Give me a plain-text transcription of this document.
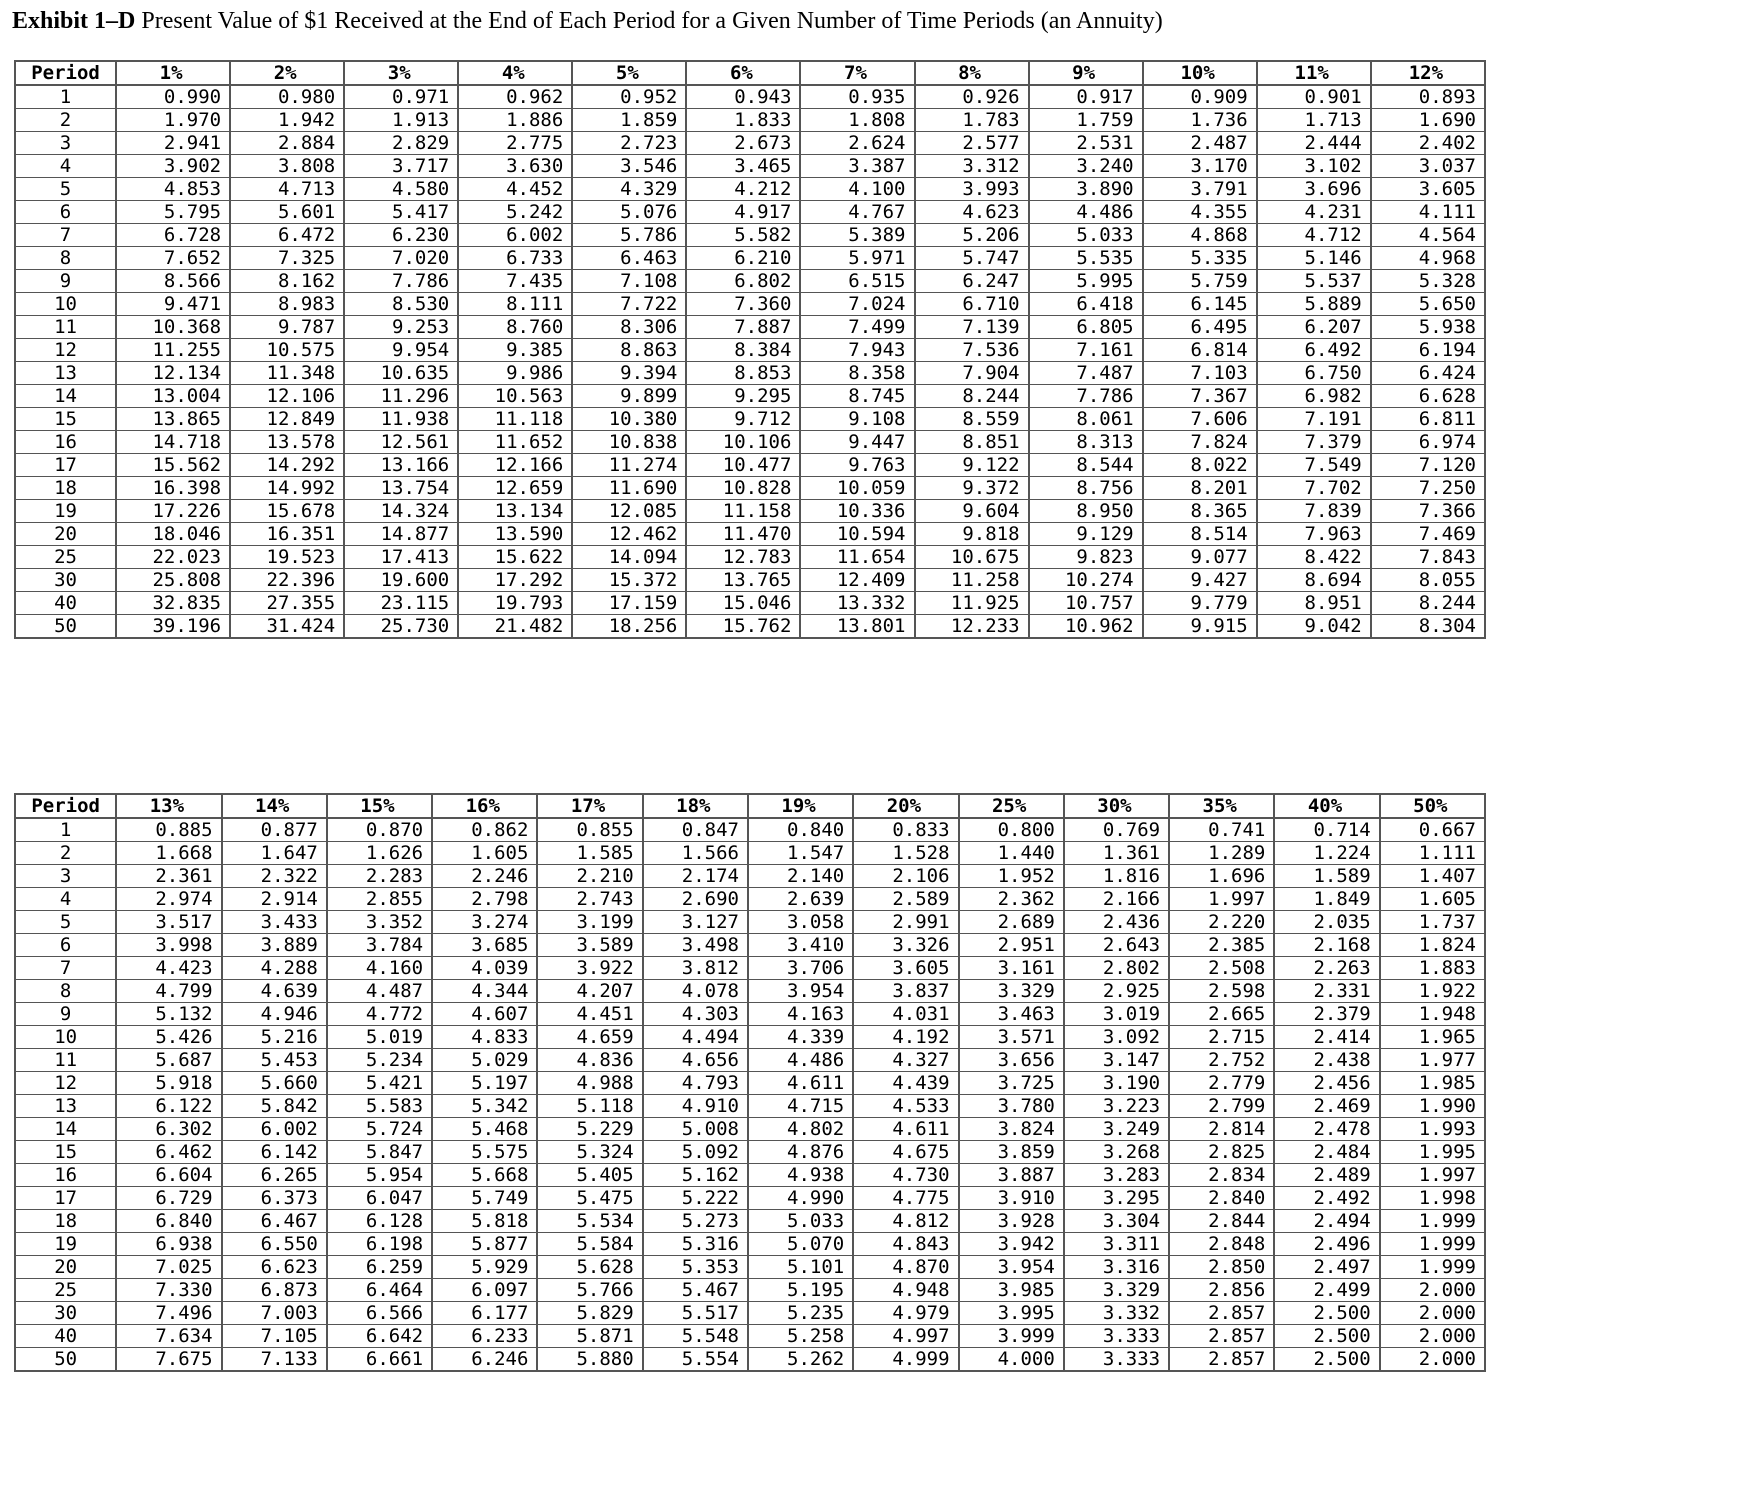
Exhibit 1–D Present Value of $1 Received at the End of Each Period for a Given Number of Time Periods (an Annuity)
Period	1%	2%	3%	4%	5%	6%	7%	8%	9%	10%	11%	12%
1	0.990	0.980	0.971	0.962	0.952	0.943	0.935	0.926	0.917	0.909	0.901	0.893
2	1.970	1.942	1.913	1.886	1.859	1.833	1.808	1.783	1.759	1.736	1.713	1.690
3	2.941	2.884	2.829	2.775	2.723	2.673	2.624	2.577	2.531	2.487	2.444	2.402
4	3.902	3.808	3.717	3.630	3.546	3.465	3.387	3.312	3.240	3.170	3.102	3.037
5	4.853	4.713	4.580	4.452	4.329	4.212	4.100	3.993	3.890	3.791	3.696	3.605
6	5.795	5.601	5.417	5.242	5.076	4.917	4.767	4.623	4.486	4.355	4.231	4.111
7	6.728	6.472	6.230	6.002	5.786	5.582	5.389	5.206	5.033	4.868	4.712	4.564
8	7.652	7.325	7.020	6.733	6.463	6.210	5.971	5.747	5.535	5.335	5.146	4.968
9	8.566	8.162	7.786	7.435	7.108	6.802	6.515	6.247	5.995	5.759	5.537	5.328
10	9.471	8.983	8.530	8.111	7.722	7.360	7.024	6.710	6.418	6.145	5.889	5.650
11	10.368	9.787	9.253	8.760	8.306	7.887	7.499	7.139	6.805	6.495	6.207	5.938
12	11.255	10.575	9.954	9.385	8.863	8.384	7.943	7.536	7.161	6.814	6.492	6.194
13	12.134	11.348	10.635	9.986	9.394	8.853	8.358	7.904	7.487	7.103	6.750	6.424
14	13.004	12.106	11.296	10.563	9.899	9.295	8.745	8.244	7.786	7.367	6.982	6.628
15	13.865	12.849	11.938	11.118	10.380	9.712	9.108	8.559	8.061	7.606	7.191	6.811
16	14.718	13.578	12.561	11.652	10.838	10.106	9.447	8.851	8.313	7.824	7.379	6.974
17	15.562	14.292	13.166	12.166	11.274	10.477	9.763	9.122	8.544	8.022	7.549	7.120
18	16.398	14.992	13.754	12.659	11.690	10.828	10.059	9.372	8.756	8.201	7.702	7.250
19	17.226	15.678	14.324	13.134	12.085	11.158	10.336	9.604	8.950	8.365	7.839	7.366
20	18.046	16.351	14.877	13.590	12.462	11.470	10.594	9.818	9.129	8.514	7.963	7.469
25	22.023	19.523	17.413	15.622	14.094	12.783	11.654	10.675	9.823	9.077	8.422	7.843
30	25.808	22.396	19.600	17.292	15.372	13.765	12.409	11.258	10.274	9.427	8.694	8.055
40	32.835	27.355	23.115	19.793	17.159	15.046	13.332	11.925	10.757	9.779	8.951	8.244
50	39.196	31.424	25.730	21.482	18.256	15.762	13.801	12.233	10.962	9.915	9.042	8.304
Period	13%	14%	15%	16%	17%	18%	19%	20%	25%	30%	35%	40%	50%
1	0.885	0.877	0.870	0.862	0.855	0.847	0.840	0.833	0.800	0.769	0.741	0.714	0.667
2	1.668	1.647	1.626	1.605	1.585	1.566	1.547	1.528	1.440	1.361	1.289	1.224	1.111
3	2.361	2.322	2.283	2.246	2.210	2.174	2.140	2.106	1.952	1.816	1.696	1.589	1.407
4	2.974	2.914	2.855	2.798	2.743	2.690	2.639	2.589	2.362	2.166	1.997	1.849	1.605
5	3.517	3.433	3.352	3.274	3.199	3.127	3.058	2.991	2.689	2.436	2.220	2.035	1.737
6	3.998	3.889	3.784	3.685	3.589	3.498	3.410	3.326	2.951	2.643	2.385	2.168	1.824
7	4.423	4.288	4.160	4.039	3.922	3.812	3.706	3.605	3.161	2.802	2.508	2.263	1.883
8	4.799	4.639	4.487	4.344	4.207	4.078	3.954	3.837	3.329	2.925	2.598	2.331	1.922
9	5.132	4.946	4.772	4.607	4.451	4.303	4.163	4.031	3.463	3.019	2.665	2.379	1.948
10	5.426	5.216	5.019	4.833	4.659	4.494	4.339	4.192	3.571	3.092	2.715	2.414	1.965
11	5.687	5.453	5.234	5.029	4.836	4.656	4.486	4.327	3.656	3.147	2.752	2.438	1.977
12	5.918	5.660	5.421	5.197	4.988	4.793	4.611	4.439	3.725	3.190	2.779	2.456	1.985
13	6.122	5.842	5.583	5.342	5.118	4.910	4.715	4.533	3.780	3.223	2.799	2.469	1.990
14	6.302	6.002	5.724	5.468	5.229	5.008	4.802	4.611	3.824	3.249	2.814	2.478	1.993
15	6.462	6.142	5.847	5.575	5.324	5.092	4.876	4.675	3.859	3.268	2.825	2.484	1.995
16	6.604	6.265	5.954	5.668	5.405	5.162	4.938	4.730	3.887	3.283	2.834	2.489	1.997
17	6.729	6.373	6.047	5.749	5.475	5.222	4.990	4.775	3.910	3.295	2.840	2.492	1.998
18	6.840	6.467	6.128	5.818	5.534	5.273	5.033	4.812	3.928	3.304	2.844	2.494	1.999
19	6.938	6.550	6.198	5.877	5.584	5.316	5.070	4.843	3.942	3.311	2.848	2.496	1.999
20	7.025	6.623	6.259	5.929	5.628	5.353	5.101	4.870	3.954	3.316	2.850	2.497	1.999
25	7.330	6.873	6.464	6.097	5.766	5.467	5.195	4.948	3.985	3.329	2.856	2.499	2.000
30	7.496	7.003	6.566	6.177	5.829	5.517	5.235	4.979	3.995	3.332	2.857	2.500	2.000
40	7.634	7.105	6.642	6.233	5.871	5.548	5.258	4.997	3.999	3.333	2.857	2.500	2.000
50	7.675	7.133	6.661	6.246	5.880	5.554	5.262	4.999	4.000	3.333	2.857	2.500	2.000
